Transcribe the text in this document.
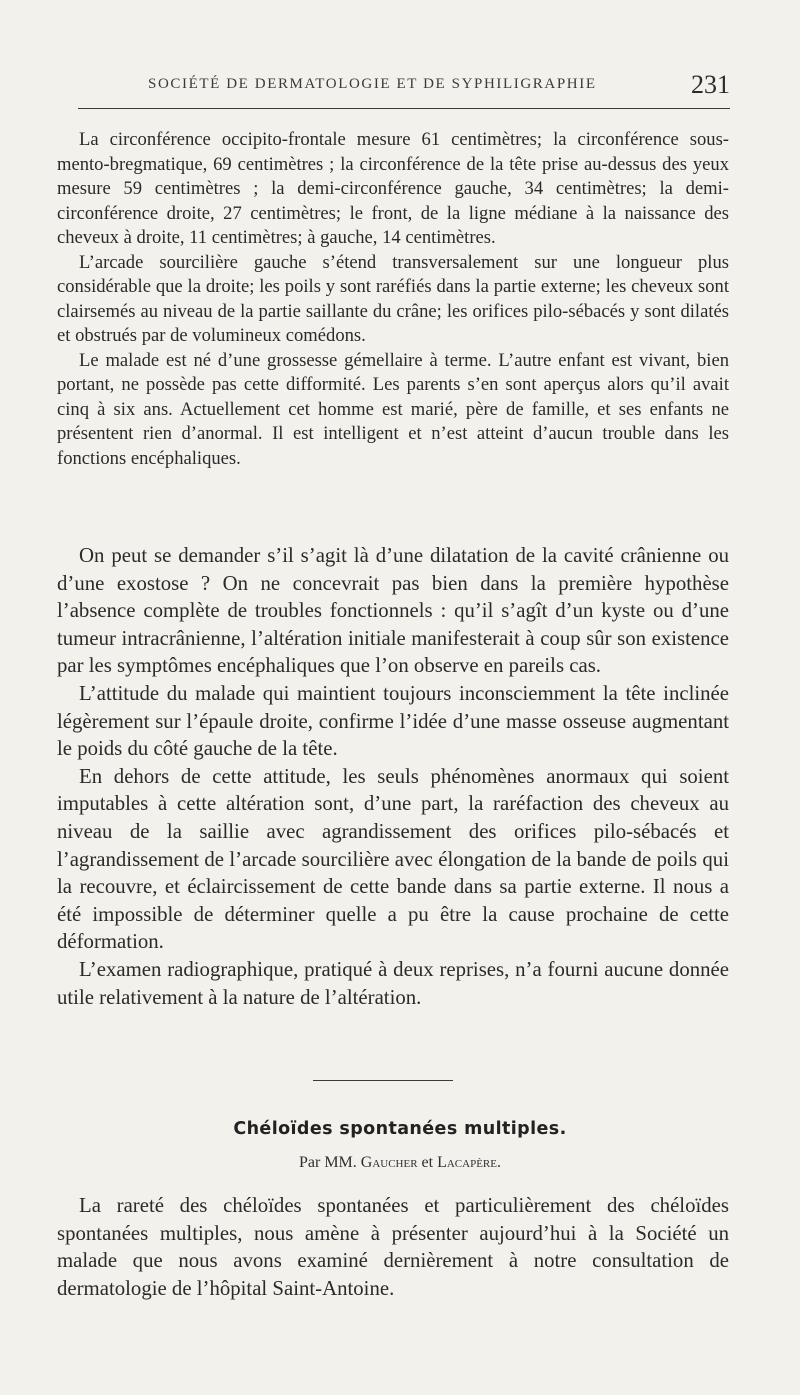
SOCIÉTÉ DE DERMATOLOGIE ET DE SYPHILIGRAPHIE	231

La circonférence occipito-frontale mesure 61 centimètres; la circonférence sous-mento-bregmatique, 69 centimètres ; la circonférence de la tête prise au-dessus des yeux mesure 59 centimètres ; la demi-circonférence gauche, 34 centimètres; la demi-circonférence droite, 27 centimètres; le front, de la ligne médiane à la naissance des cheveux à droite, 11 centimètres; à gauche, 14 centimètres.

L’arcade sourcilière gauche s’étend transversalement sur une longueur plus considérable que la droite; les poils y sont raréfiés dans la partie externe; les cheveux sont clairsemés au niveau de la partie saillante du crâne; les orifices pilo-sébacés y sont dilatés et obstrués par de volumineux comédons.

Le malade est né d’une grossesse gémellaire à terme. L’autre enfant est vivant, bien portant, ne possède pas cette difformité. Les parents s’en sont aperçus alors qu’il avait cinq à six ans. Actuellement cet homme est marié, père de famille, et ses enfants ne présentent rien d’anormal. Il est intelligent et n’est atteint d’aucun trouble dans les fonctions encéphaliques.

On peut se demander s’il s’agit là d’une dilatation de la cavité crânienne ou d’une exostose ? On ne concevrait pas bien dans la première hypothèse l’absence complète de troubles fonctionnels : qu’il s’agît d’un kyste ou d’une tumeur intracrânienne, l’altération initiale manifesterait à coup sûr son existence par les symptômes encéphaliques que l’on observe en pareils cas.

L’attitude du malade qui maintient toujours inconsciemment la tête inclinée légèrement sur l’épaule droite, confirme l’idée d’une masse osseuse augmentant le poids du côté gauche de la tête.

En dehors de cette attitude, les seuls phénomènes anormaux qui soient imputables à cette altération sont, d’une part, la raréfaction des cheveux au niveau de la saillie avec agrandissement des orifices pilo-sébacés et l’agrandissement de l’arcade sourcilière avec élongation de la bande de poils qui la recouvre, et éclaircissement de cette bande dans sa partie externe. Il nous a été impossible de déterminer quelle a pu être la cause prochaine de cette déformation.

L’examen radiographique, pratiqué à deux reprises, n’a fourni aucune donnée utile relativement à la nature de l’altération.

Chéloïdes spontanées multiples.
Par MM. Gaucher et Lacapère.

La rareté des chéloïdes spontanées et particulièrement des chéloïdes spontanées multiples, nous amène à présenter aujourd’hui à la Société un malade que nous avons examiné dernièrement à notre consultation de dermatologie de l’hôpital Saint-Antoine.
